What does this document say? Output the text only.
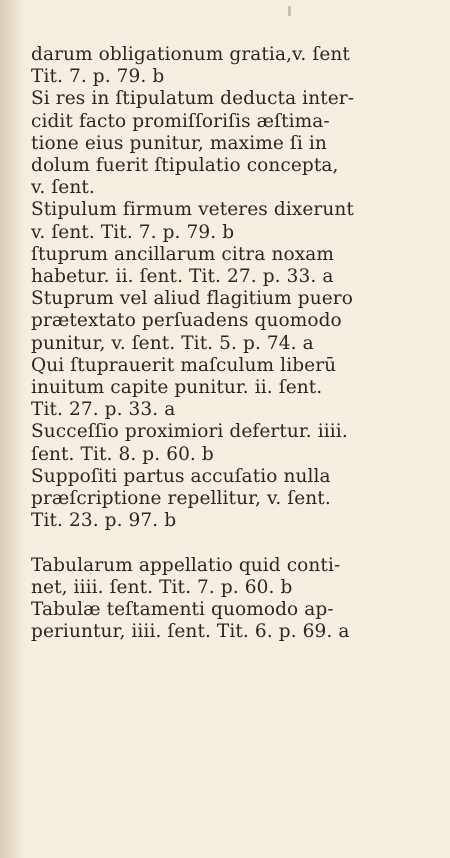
darum obligationum gratia,v. ſent
Tit. 7. p. 79. b
Si res in ſtipulatum deducta inter-
cidit facto promiſſoriſis æſtima-
tione eius punitur, maxime ſi in
dolum fuerit ſtipulatio concepta,
v. ſent.
Stipulum firmum veteres dixerunt
v. ſent. Tit. 7. p. 79. b
ſtuprum ancillarum citra noxam
habetur. ii. ſent. Tit. 27. p. 33. a
Stuprum vel aliud flagitium puero
prætextato perſuadens quomodo
punitur, v. ſent. Tit. 5. p. 74. a
Qui ſtuprauerit maſculum liberū
inuitum capite punitur. ii. ſent.
Tit. 27. p. 33. a
Succeſſio proximiori defertur. iiii.
ſent. Tit. 8. p. 60. b
Suppoſiti partus accuſatio nulla
præſcriptione repellitur, v. ſent.
Tit. 23. p. 97. b

Tabularum appellatio quid conti-
net, iiii. ſent. Tit. 7. p. 60. b
Tabulæ teſtamenti quomodo ap-
periuntur, iiii. ſent. Tit. 6. p. 69. a
